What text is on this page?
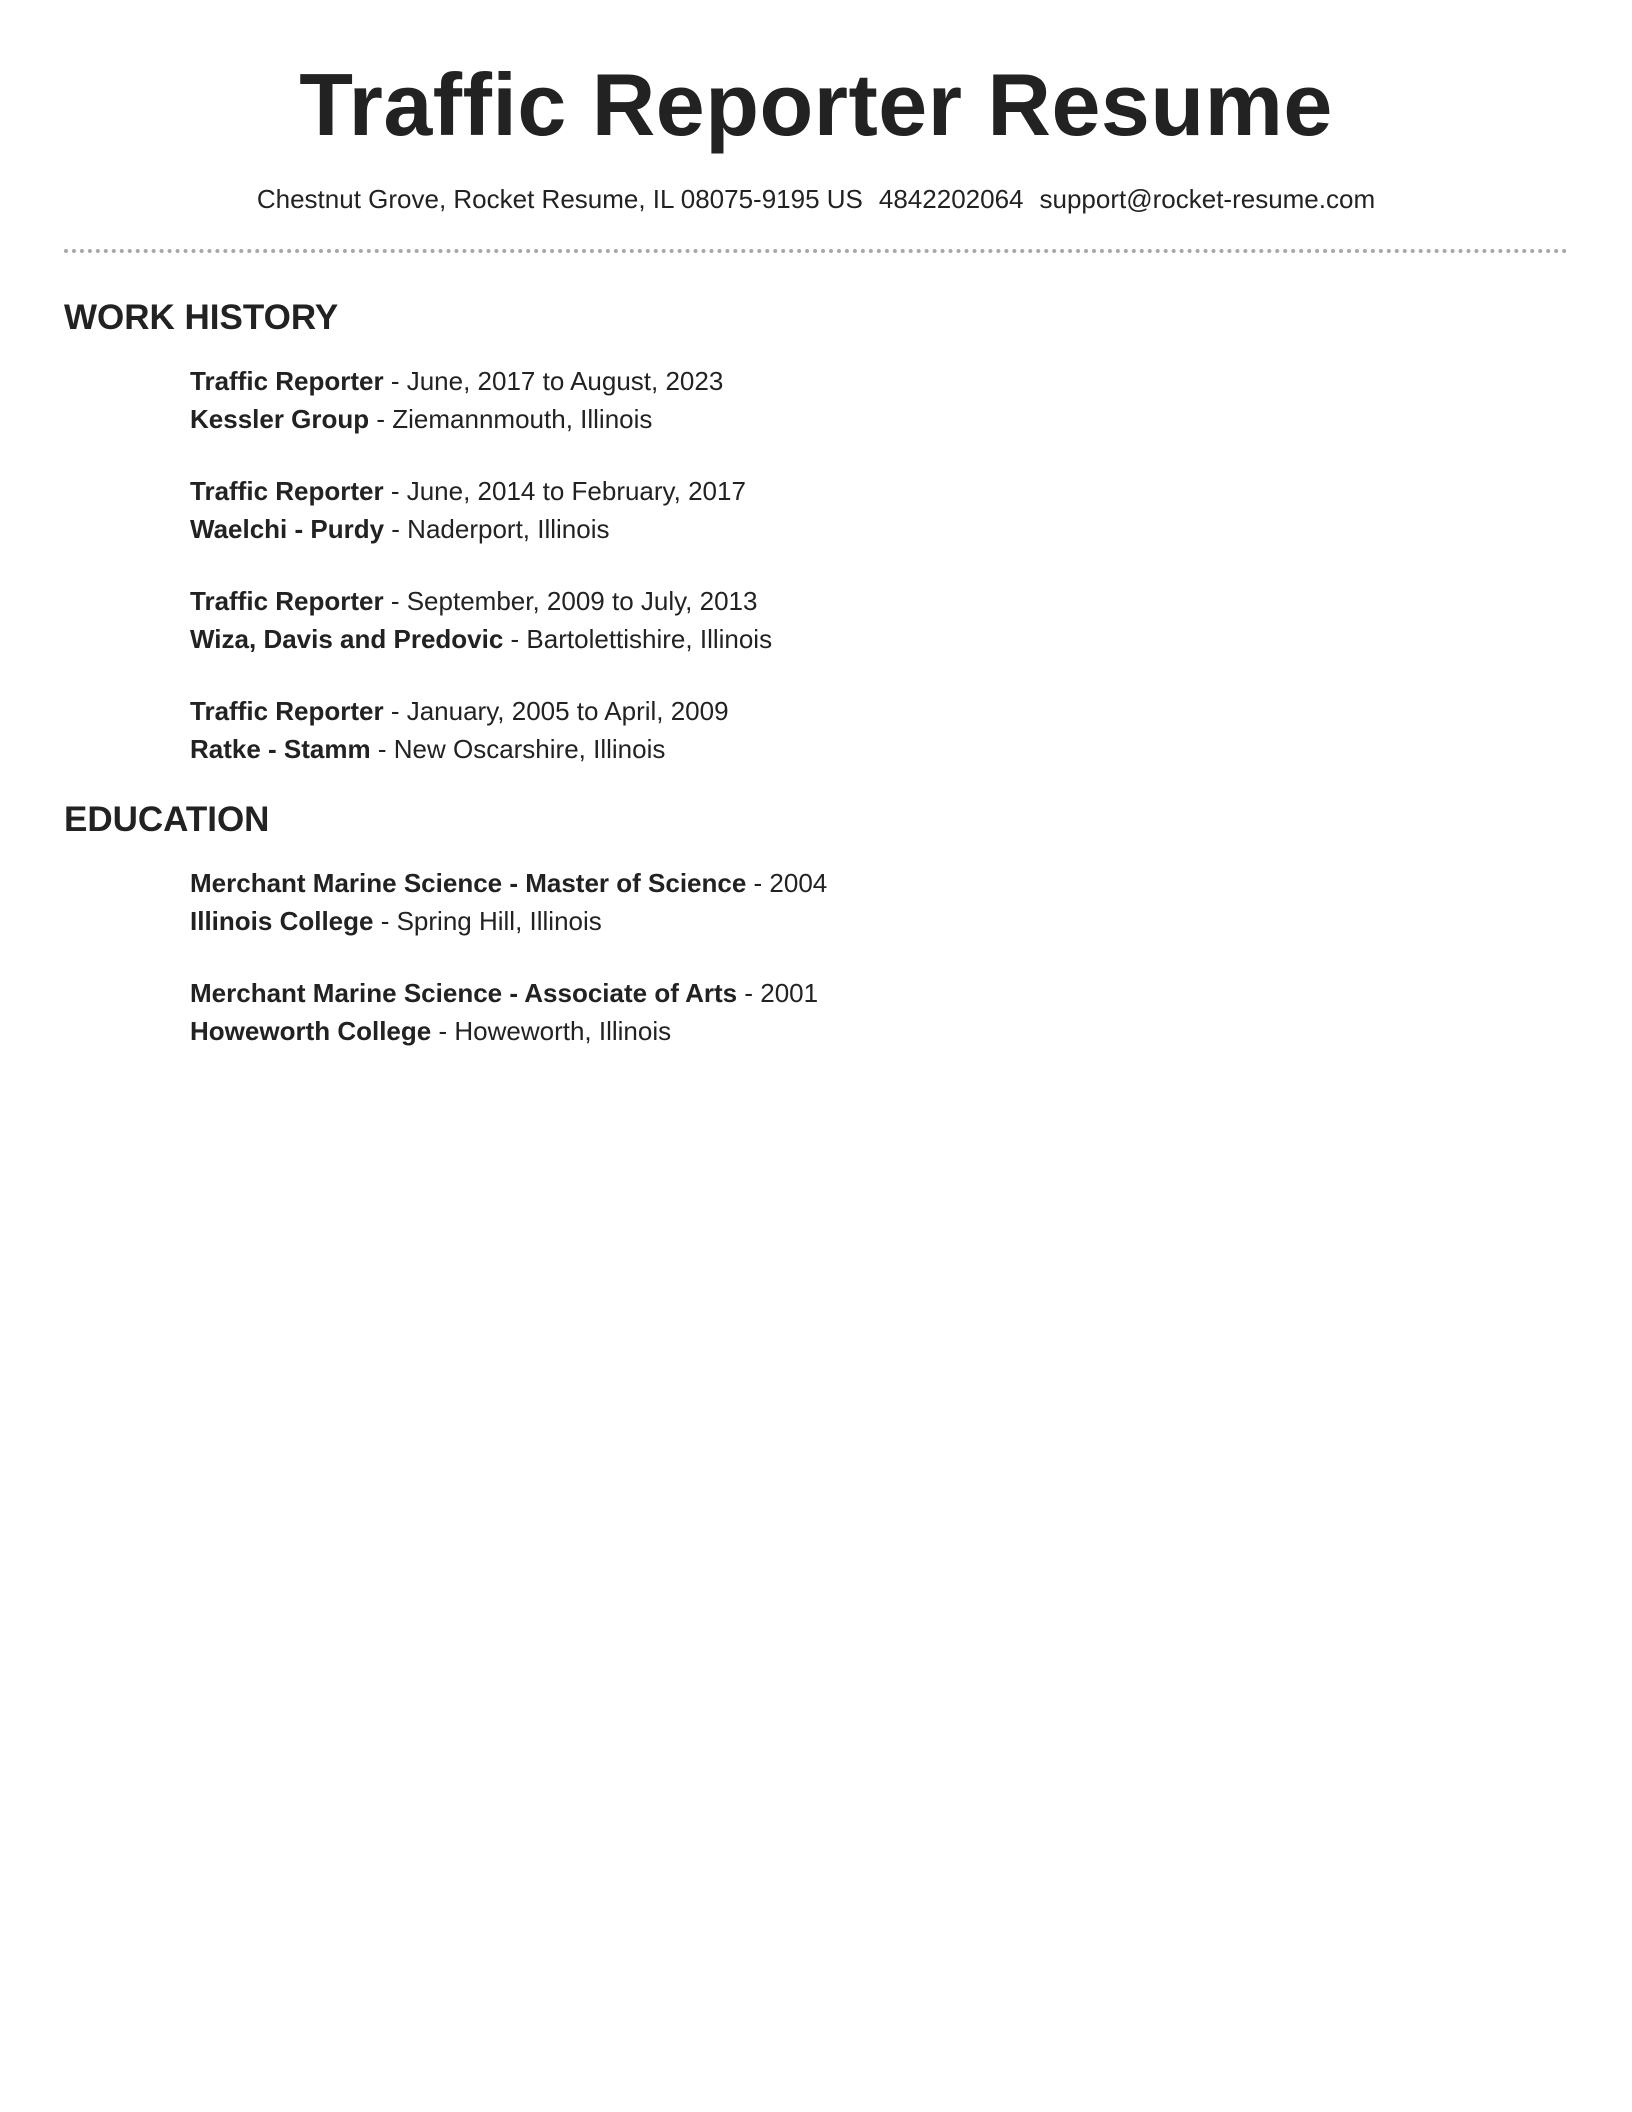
Traffic Reporter Resume
Chestnut Grove, Rocket Resume, IL 08075-9195 US 4842202064 support@rocket-resume.com
WORK HISTORY
Traffic Reporter - June, 2017 to August, 2023
Kessler Group - Ziemannmouth, Illinois
Traffic Reporter - June, 2014 to February, 2017
Waelchi - Purdy - Naderport, Illinois
Traffic Reporter - September, 2009 to July, 2013
Wiza, Davis and Predovic - Bartolettishire, Illinois
Traffic Reporter - January, 2005 to April, 2009
Ratke - Stamm - New Oscarshire, Illinois
EDUCATION
Merchant Marine Science - Master of Science - 2004
Illinois College - Spring Hill, Illinois
Merchant Marine Science - Associate of Arts - 2001
Howeworth College - Howeworth, Illinois
